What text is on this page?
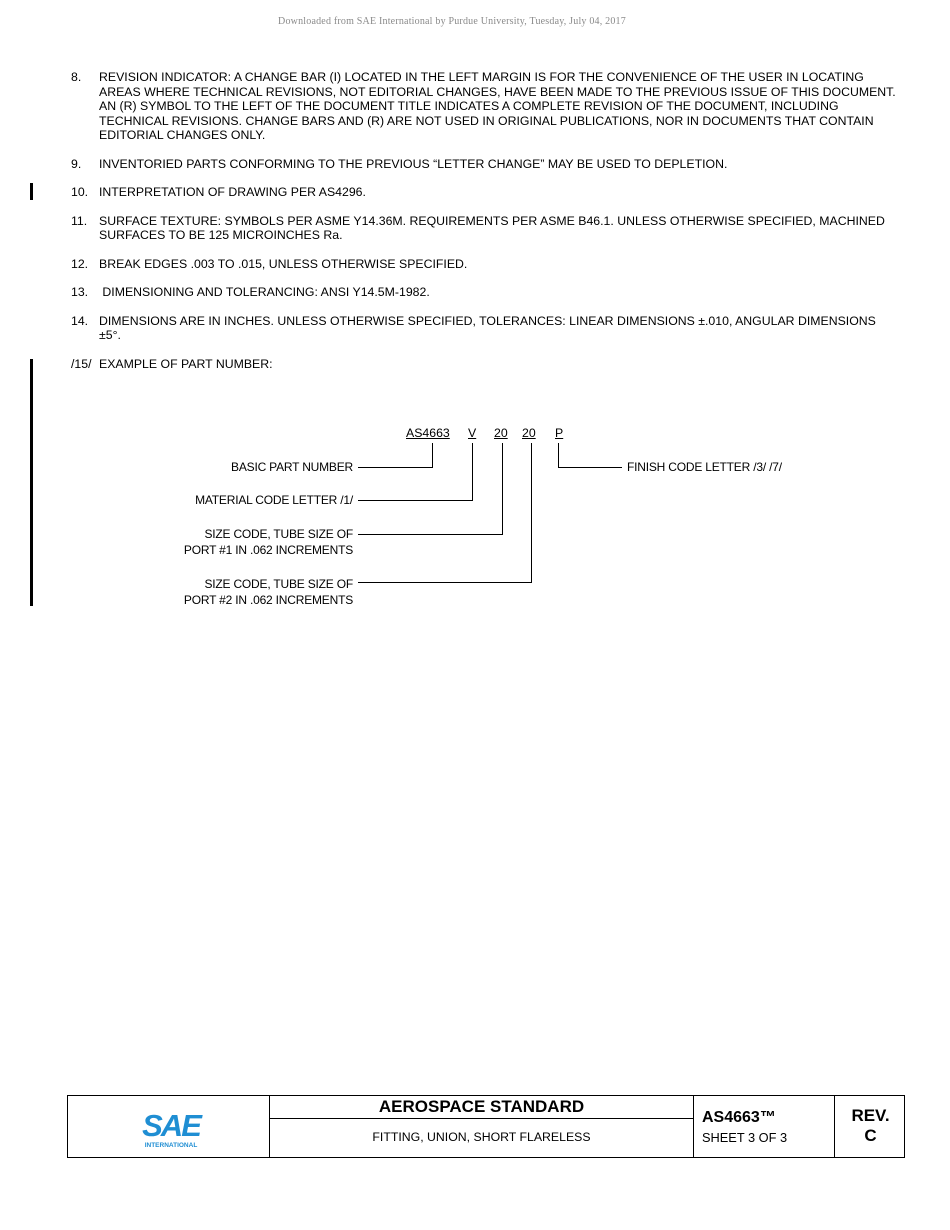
Downloaded from SAE International by Purdue University, Tuesday, July 04, 2017
8.	REVISION INDICATOR: A CHANGE BAR (I) LOCATED IN THE LEFT MARGIN IS FOR THE CONVENIENCE OF THE USER IN LOCATING AREAS WHERE TECHNICAL REVISIONS, NOT EDITORIAL CHANGES, HAVE BEEN MADE TO THE PREVIOUS ISSUE OF THIS DOCUMENT. AN (R) SYMBOL TO THE LEFT OF THE DOCUMENT TITLE INDICATES A COMPLETE REVISION OF THE DOCUMENT, INCLUDING TECHNICAL REVISIONS. CHANGE BARS AND (R) ARE NOT USED IN ORIGINAL PUBLICATIONS, NOR IN DOCUMENTS THAT CONTAIN EDITORIAL CHANGES ONLY.
9.	INVENTORIED PARTS CONFORMING TO THE PREVIOUS “LETTER CHANGE” MAY BE USED TO DEPLETION.
10. INTERPRETATION OF DRAWING PER AS4296.
11. SURFACE TEXTURE: SYMBOLS PER ASME Y14.36M. REQUIREMENTS PER ASME B46.1. UNLESS OTHERWISE SPECIFIED, MACHINED SURFACES TO BE 125 MICROINCHES Ra.
12. BREAK EDGES .003 TO .015, UNLESS OTHERWISE SPECIFIED.
13. DIMENSIONING AND TOLERANCING: ANSI Y14.5M-1982.
14. DIMENSIONS ARE IN INCHES. UNLESS OTHERWISE SPECIFIED, TOLERANCES: LINEAR DIMENSIONS ±.010, ANGULAR DIMENSIONS ±5°.
/15/ EXAMPLE OF PART NUMBER:
AS4663 V 20 20 P
BASIC PART NUMBER
MATERIAL CODE LETTER /1/
SIZE CODE, TUBE SIZE OF
PORT #1 IN .062 INCREMENTS
SIZE CODE, TUBE SIZE OF
PORT #2 IN .062 INCREMENTS
FINISH CODE LETTER /3/ /7/
SAE
INTERNATIONAL
AEROSPACE STANDARD
FITTING, UNION, SHORT FLARELESS
AS4663™
SHEET 3 OF 3
REV.
C
